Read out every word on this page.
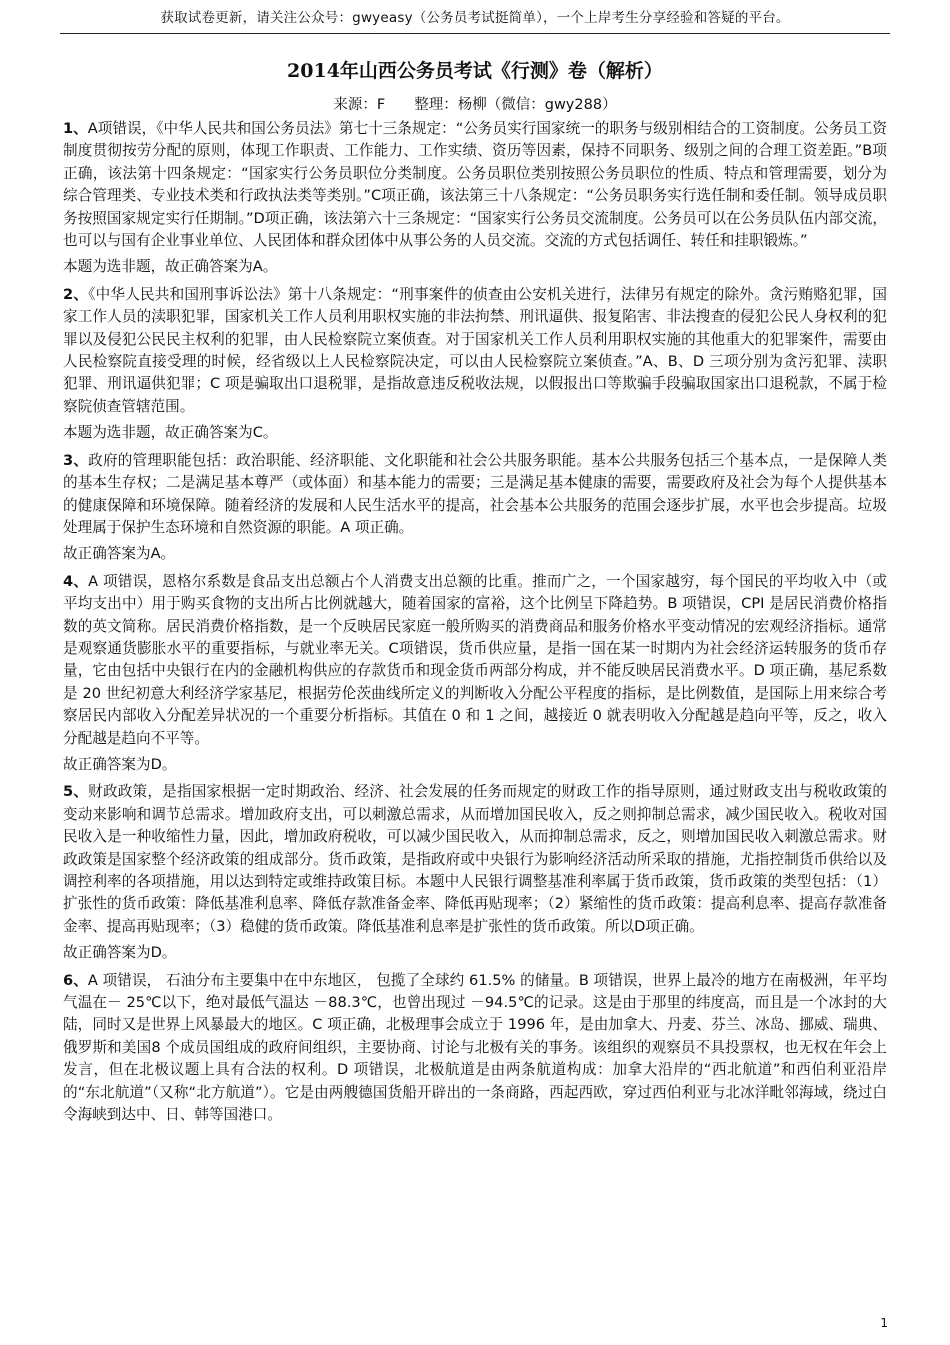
获取试卷更新，请关注公众号：gwyeasy（公务员考试挺简单），一个上岸考生分享经验和答疑的平台。
2014年山西公务员考试《行测》卷（解析）
来源：F　　整理：杨柳（微信：gwy288）

1、A项错误，《中华人民共和国公务员法》第七十三条规定：“公务员实行国家统一的职务与级别相结合的工资制度。公务员工资制度贯彻按劳分配的原则，体现工作职责、工作能力、工作实绩、资历等因素，保持不同职务、级别之间的合理工资差距。”B项正确，该法第十四条规定：“国家实行公务员职位分类制度。公务员职位类别按照公务员职位的性质、特点和管理需要，划分为综合管理类、专业技术类和行政执法类等类别。”C项正确，该法第三十八条规定：“公务员职务实行选任制和委任制。领导成员职务按照国家规定实行任期制。”D项正确，该法第六十三条规定：“国家实行公务员交流制度。公务员可以在公务员队伍内部交流，也可以与国有企业事业单位、人民团体和群众团体中从事公务的人员交流。交流的方式包括调任、转任和挂职锻炼。”

本题为选非题，故正确答案为A。

2、《中华人民共和国刑事诉讼法》第十八条规定：“刑事案件的侦查由公安机关进行，法律另有规定的除外。贪污贿赂犯罪，国家工作人员的渎职犯罪，国家机关工作人员利用职权实施的非法拘禁、刑讯逼供、报复陷害、非法搜查的侵犯公民人身权利的犯罪以及侵犯公民民主权利的犯罪，由人民检察院立案侦查。对于国家机关工作人员利用职权实施的其他重大的犯罪案件，需要由人民检察院直接受理的时候，经省级以上人民检察院决定，可以由人民检察院立案侦查。”A、B、D 三项分别为贪污犯罪、渎职犯罪、刑讯逼供犯罪；C 项是骗取出口退税罪，是指故意违反税收法规，以假报出口等欺骗手段骗取国家出口退税款，不属于检察院侦查管辖范围。

本题为选非题，故正确答案为C。

3、政府的管理职能包括：政治职能、经济职能、文化职能和社会公共服务职能。基本公共服务包括三个基本点，一是保障人类的基本生存权；二是满足基本尊严（或体面）和基本能力的需要；三是满足基本健康的需要，需要政府及社会为每个人提供基本的健康保障和环境保障。随着经济的发展和人民生活水平的提高，社会基本公共服务的范围会逐步扩展，水平也会步提高。垃圾处理属于保护生态环境和自然资源的职能。A 项正确。

故正确答案为A。

4、A 项错误，恩格尔系数是食品支出总额占个人消费支出总额的比重。推而广之，一个国家越穷，每个国民的平均收入中（或平均支出中）用于购买食物的支出所占比例就越大，随着国家的富裕，这个比例呈下降趋势。B 项错误，CPI 是居民消费价格指数的英文简称。居民消费价格指数，是一个反映居民家庭一般所购买的消费商品和服务价格水平变动情况的宏观经济指标。通常是观察通货膨胀水平的重要指标，与就业率无关。C项错误，货币供应量，是指一国在某一时期内为社会经济运转服务的货币存量，它由包括中央银行在内的金融机构供应的存款货币和现金货币两部分构成，并不能反映居民消费水平。D 项正确，基尼系数是 20 世纪初意大利经济学家基尼，根据劳伦茨曲线所定义的判断收入分配公平程度的指标，是比例数值，是国际上用来综合考察居民内部收入分配差异状况的一个重要分析指标。其值在 0 和 1 之间，越接近 0 就表明收入分配越是趋向平等，反之，收入分配越是趋向不平等。

故正确答案为D。

5、财政政策，是指国家根据一定时期政治、经济、社会发展的任务而规定的财政工作的指导原则，通过财政支出与税收政策的变动来影响和调节总需求。增加政府支出，可以刺激总需求，从而增加国民收入，反之则抑制总需求，减少国民收入。税收对国民收入是一种收缩性力量，因此，增加政府税收，可以减少国民收入，从而抑制总需求，反之，则增加国民收入刺激总需求。财政政策是国家整个经济政策的组成部分。货币政策，是指政府或中央银行为影响经济活动所采取的措施，尤指控制货币供给以及调控利率的各项措施，用以达到特定或维持政策目标。本题中人民银行调整基准利率属于货币政策，货币政策的类型包括：（1）扩张性的货币政策：降低基准利息率、降低存款准备金率、降低再贴现率；（2）紧缩性的货币政策：提高利息率、提高存款准备金率、提高再贴现率；（3）稳健的货币政策。降低基准利息率是扩张性的货币政策。所以D项正确。

故正确答案为D。

6、A 项错误， 石油分布主要集中在中东地区， 包揽了全球约 61.5% 的储量。B 项错误，世界上最冷的地方在南极洲，年平均气温在－ 25℃以下，绝对最低气温达 －88.3℃，也曾出现过 －94.5℃的记录。这是由于那里的纬度高，而且是一个冰封的大陆，同时又是世界上风暴最大的地区。C 项正确，北极理事会成立于 1996 年，是由加拿大、丹麦、芬兰、冰岛、挪威、瑞典、俄罗斯和美国8 个成员国组成的政府间组织，主要协商、讨论与北极有关的事务。该组织的观察员不具投票权，也无权在年会上发言，但在北极议题上具有合法的权利。D 项错误，北极航道是由两条航道构成：加拿大沿岸的“西北航道”和西伯利亚沿岸的“东北航道”（又称“北方航道”）。它是由两艘德国货船开辟出的一条商路，西起西欧，穿过西伯利亚与北冰洋毗邻海域，绕过白令海峡到达中、日、韩等国港口。

1
